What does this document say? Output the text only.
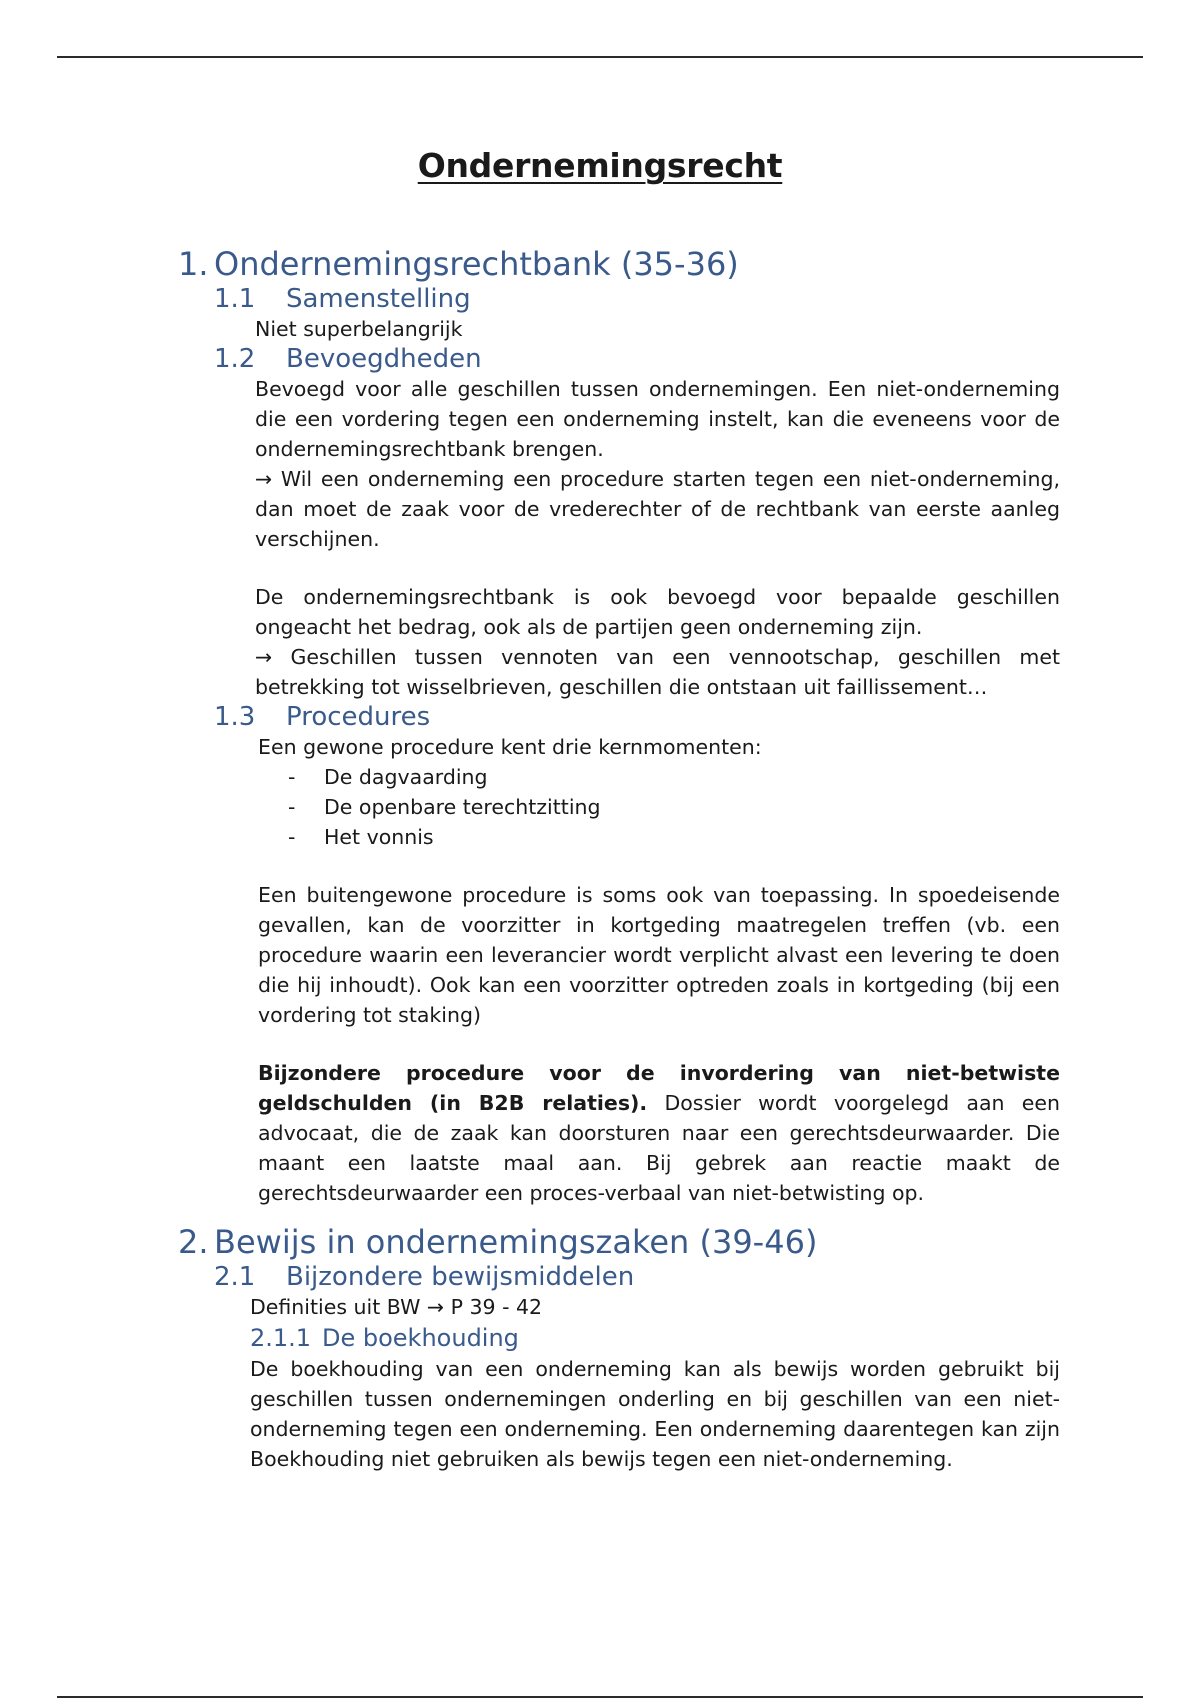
Ondernemingsrecht
1. Ondernemingsrechtbank (35-36)
1.1	Samenstelling

Niet superbelangrijk

1.2	Bevoegdheden

Bevoegd voor alle geschillen tussen ondernemingen. Een niet-onderneming die een vordering tegen een onderneming instelt, kan die eveneens voor de ondernemingsrechtbank brengen.

→ Wil een onderneming een procedure starten tegen een niet-onderneming, dan moet de zaak voor de vrederechter of de rechtbank van eerste aanleg verschijnen.

De ondernemingsrechtbank is ook bevoegd voor bepaalde geschillen ongeacht het bedrag, ook als de partijen geen onderneming zijn.

→ Geschillen tussen vennoten van een vennootschap, geschillen met betrekking tot wisselbrieven, geschillen die ontstaan uit faillissement…

1.3	Procedures

Een gewone procedure kent drie kernmomenten:

-	De dagvaarding
-	De openbare terechtzitting
-	Het vonnis

Een buitengewone procedure is soms ook van toepassing. In spoedeisende gevallen, kan de voorzitter in kortgeding maatregelen treffen (vb. een procedure waarin een leverancier wordt verplicht alvast een levering te doen die hij inhoudt). Ook kan een voorzitter optreden zoals in kortgeding (bij een vordering tot staking)

Bijzondere procedure voor de invordering van niet-betwiste geldschulden (in B2B relaties). Dossier wordt voorgelegd aan een advocaat, die de zaak kan doorsturen naar een gerechtsdeurwaarder. Die maant een laatste maal aan. Bij gebrek aan reactie maakt de gerechtsdeurwaarder een proces-verbaal van niet-betwisting op.

2. Bewijs in ondernemingszaken (39-46)
2.1	Bijzondere bewijsmiddelen

Definities uit BW → P 39 - 42

2.1.1 De boekhouding

De boekhouding van een onderneming kan als bewijs worden gebruikt bij geschillen tussen ondernemingen onderling en bij geschillen van een niet-onderneming tegen een onderneming. Een onderneming daarentegen kan zijn Boekhouding niet gebruiken als bewijs tegen een niet-onderneming.
